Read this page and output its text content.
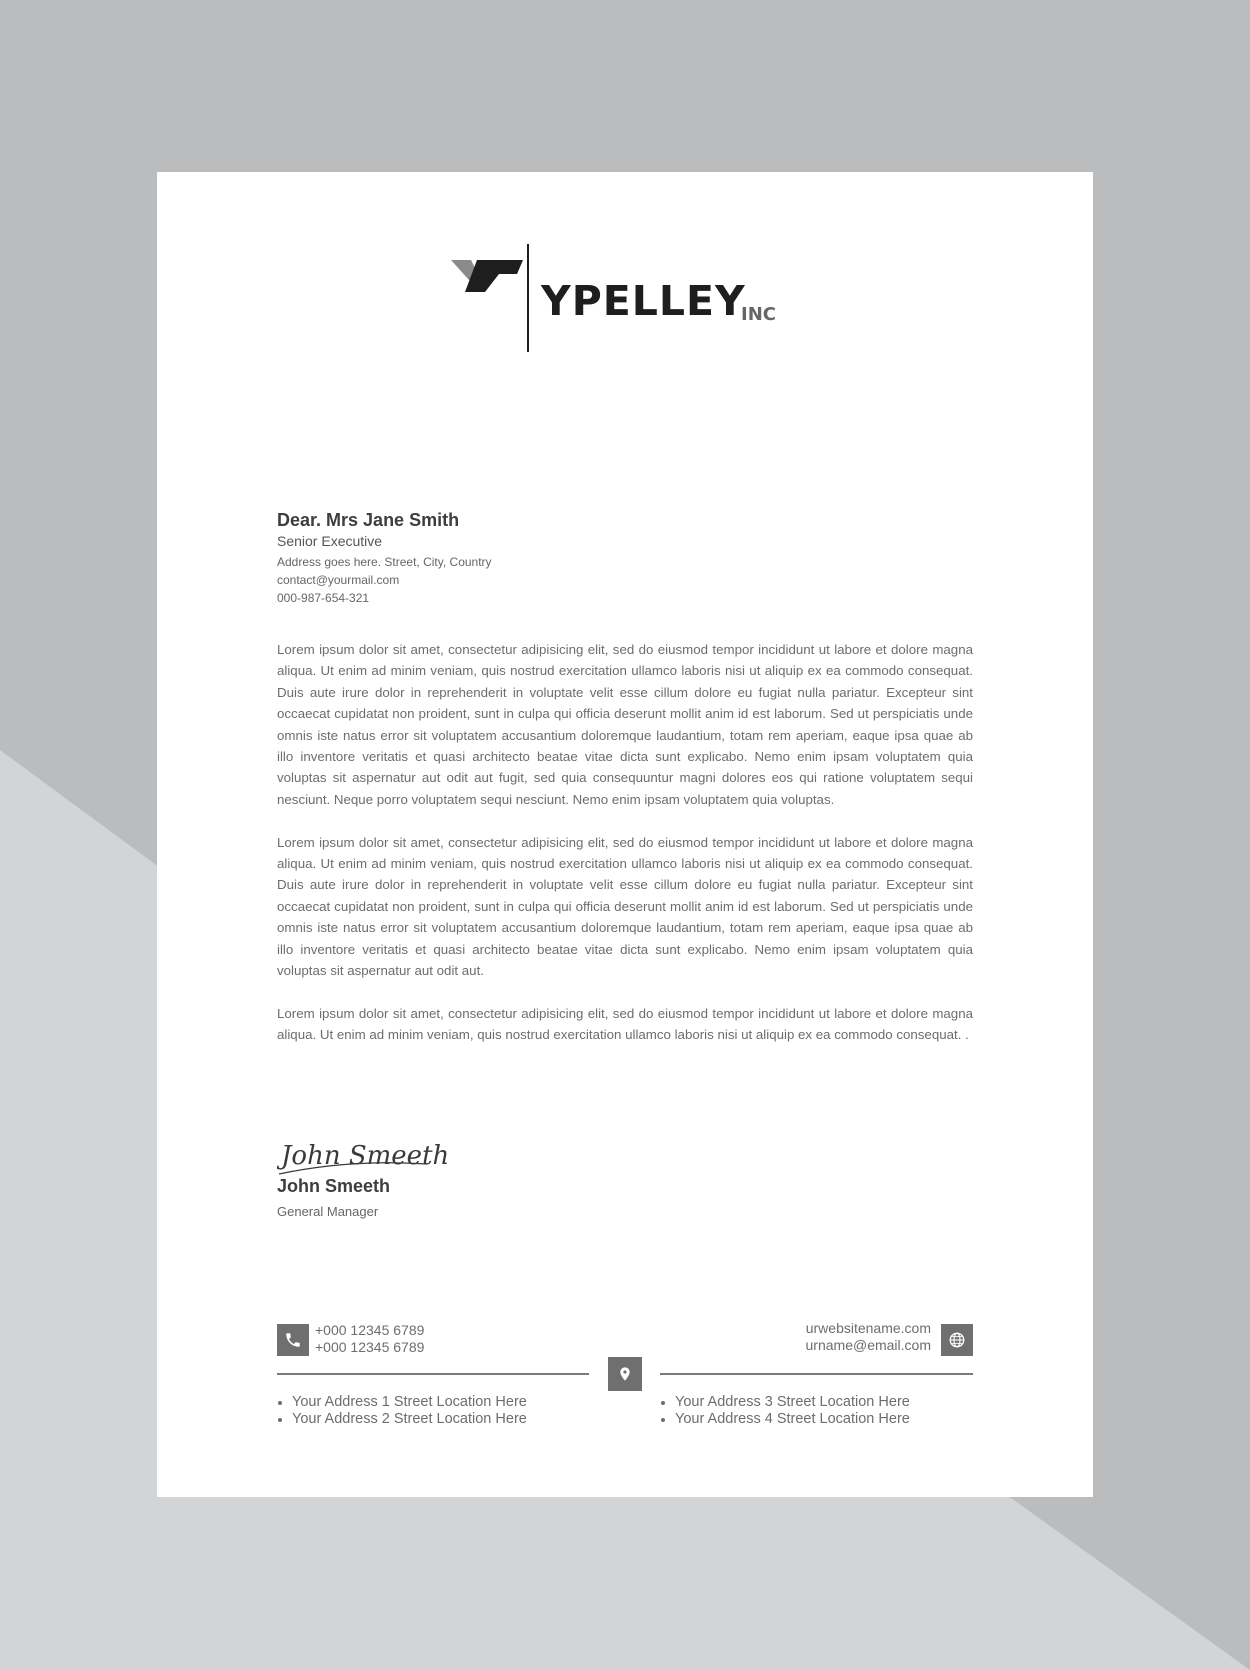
YPELLEY
INC
Dear. Mrs Jane Smith
Senior Executive
Address goes here. Street, City, Country
contact@yourmail.com
000-987-654-321

Lorem ipsum dolor sit amet, consectetur adipisicing elit, sed do eiusmod tempor incididunt ut labore et dolore magna aliqua. Ut enim ad minim veniam, quis nostrud exercitation ullamco laboris nisi ut aliquip ex ea commodo consequat. Duis aute irure dolor in reprehenderit in voluptate velit esse cillum dolore eu fugiat nulla pariatur. Excepteur sint occaecat cupidatat non proident, sunt in culpa qui officia deserunt mollit anim id est laborum. Sed ut perspiciatis unde omnis iste natus error sit voluptatem accusantium doloremque laudantium, totam rem aperiam, eaque ipsa quae ab illo inventore veritatis et quasi architecto beatae vitae dicta sunt explicabo. Nemo enim ipsam voluptatem quia voluptas sit aspernatur aut odit aut fugit, sed quia consequuntur magni dolores eos qui ratione voluptatem sequi nesciunt. Neque porro voluptatem sequi nesciunt. Nemo enim ipsam voluptatem quia voluptas.

Lorem ipsum dolor sit amet, consectetur adipisicing elit, sed do eiusmod tempor incididunt ut labore et dolore magna aliqua. Ut enim ad minim veniam, quis nostrud exercitation ullamco laboris nisi ut aliquip ex ea commodo consequat. Duis aute irure dolor in reprehenderit in voluptate velit esse cillum dolore eu fugiat nulla pariatur. Excepteur sint occaecat cupidatat non proident, sunt in culpa qui officia deserunt mollit anim id est laborum. Sed ut perspiciatis unde omnis iste natus error sit voluptatem accusantium doloremque laudantium, totam rem aperiam, eaque ipsa quae ab illo inventore veritatis et quasi architecto beatae vitae dicta sunt explicabo. Nemo enim ipsam voluptatem quia voluptas sit aspernatur aut odit aut.

Lorem ipsum dolor sit amet, consectetur adipisicing elit, sed do eiusmod tempor incididunt ut labore et dolore magna aliqua. Ut enim ad minim veniam, quis nostrud exercitation ullamco laboris nisi ut aliquip ex ea commodo consequat. .

John Smeeth
John Smeeth
General Manager
+000 12345 6789
+000 12345 6789
urwebsitename.com
urname@email.com
Your Address 1 Street Location Here
Your Address 2 Street Location Here
Your Address 3 Street Location Here
Your Address 4 Street Location Here
